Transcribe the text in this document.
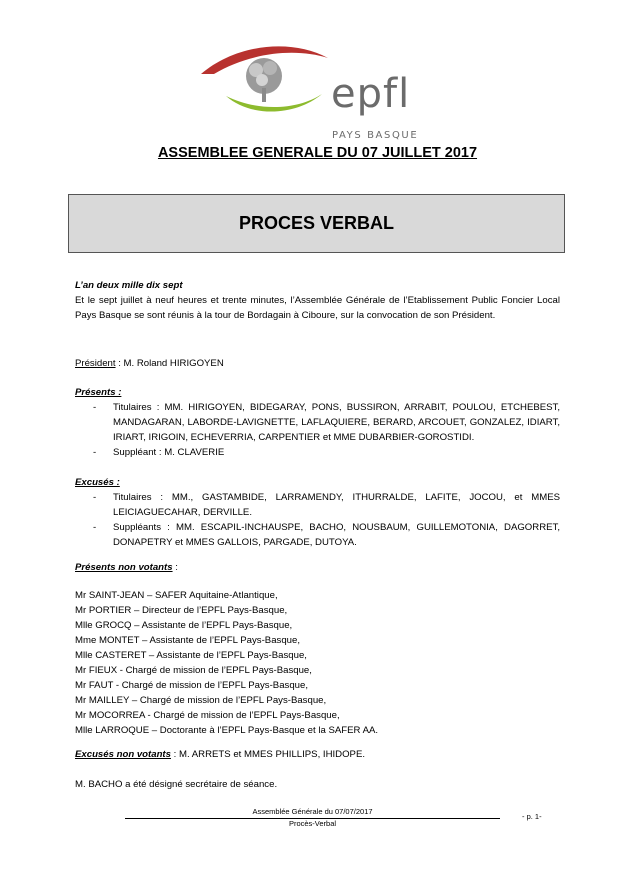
epfl
PAYS BASQUE
ASSEMBLEE GENERALE DU 07 JUILLET 2017
PROCES VERBAL
L’an deux mille dix sept
Et le sept juillet à neuf heures et trente minutes, l’Assemblée Générale de l’Etablissement Public Foncier Local Pays Basque se sont réunis à la tour de Bordagain à Ciboure, sur la convocation de son Président.
Président : M. Roland HIRIGOYEN
Présents :
- Titulaires : MM. HIRIGOYEN, BIDEGARAY, PONS, BUSSIRON, ARRABIT, POULOU, ETCHEBEST, MANDAGARAN, LABORDE-LAVIGNETTE, LAFLAQUIERE, BERARD, ARCOUET, GONZALEZ, IDIART, IRIART, IRIGOIN, ECHEVERRIA, CARPENTIER et MME DUBARBIER-GOROSTIDI.
- Suppléant : M. CLAVERIE
Excusés :
- Titulaires : MM., GASTAMBIDE, LARRAMENDY, ITHURRALDE, LAFITE, JOCOU, et MMES LEICIAGUECAHAR, DERVILLE.
- Suppléants : MM. ESCAPIL-INCHAUSPE, BACHO, NOUSBAUM, GUILLEMOTONIA, DAGORRET, DONAPETRY et MMES GALLOIS, PARGADE, DUTOYA.
Présents non votants :
Mr SAINT-JEAN – SAFER Aquitaine-Atlantique,
Mr PORTIER – Directeur de l’EPFL Pays-Basque,
Mlle GROCQ – Assistante de l’EPFL Pays-Basque,
Mme MONTET – Assistante de l’EPFL Pays-Basque,
Mlle CASTERET – Assistante de l’EPFL Pays-Basque,
Mr FIEUX - Chargé de mission de l’EPFL Pays-Basque,
Mr FAUT - Chargé de mission de l’EPFL Pays-Basque,
Mr MAILLEY – Chargé de mission de l’EPFL Pays-Basque,
Mr MOCORREA - Chargé de mission de l’EPFL Pays-Basque,
Mlle LARROQUE – Doctorante à l’EPFL Pays-Basque et la SAFER AA.
Excusés non votants : M. ARRETS et MMES PHILLIPS, IHIDOPE.
M. BACHO a été désigné secrétaire de séance.
Assemblée Générale du 07/07/2017
Procès-Verbal
- p. 1-
